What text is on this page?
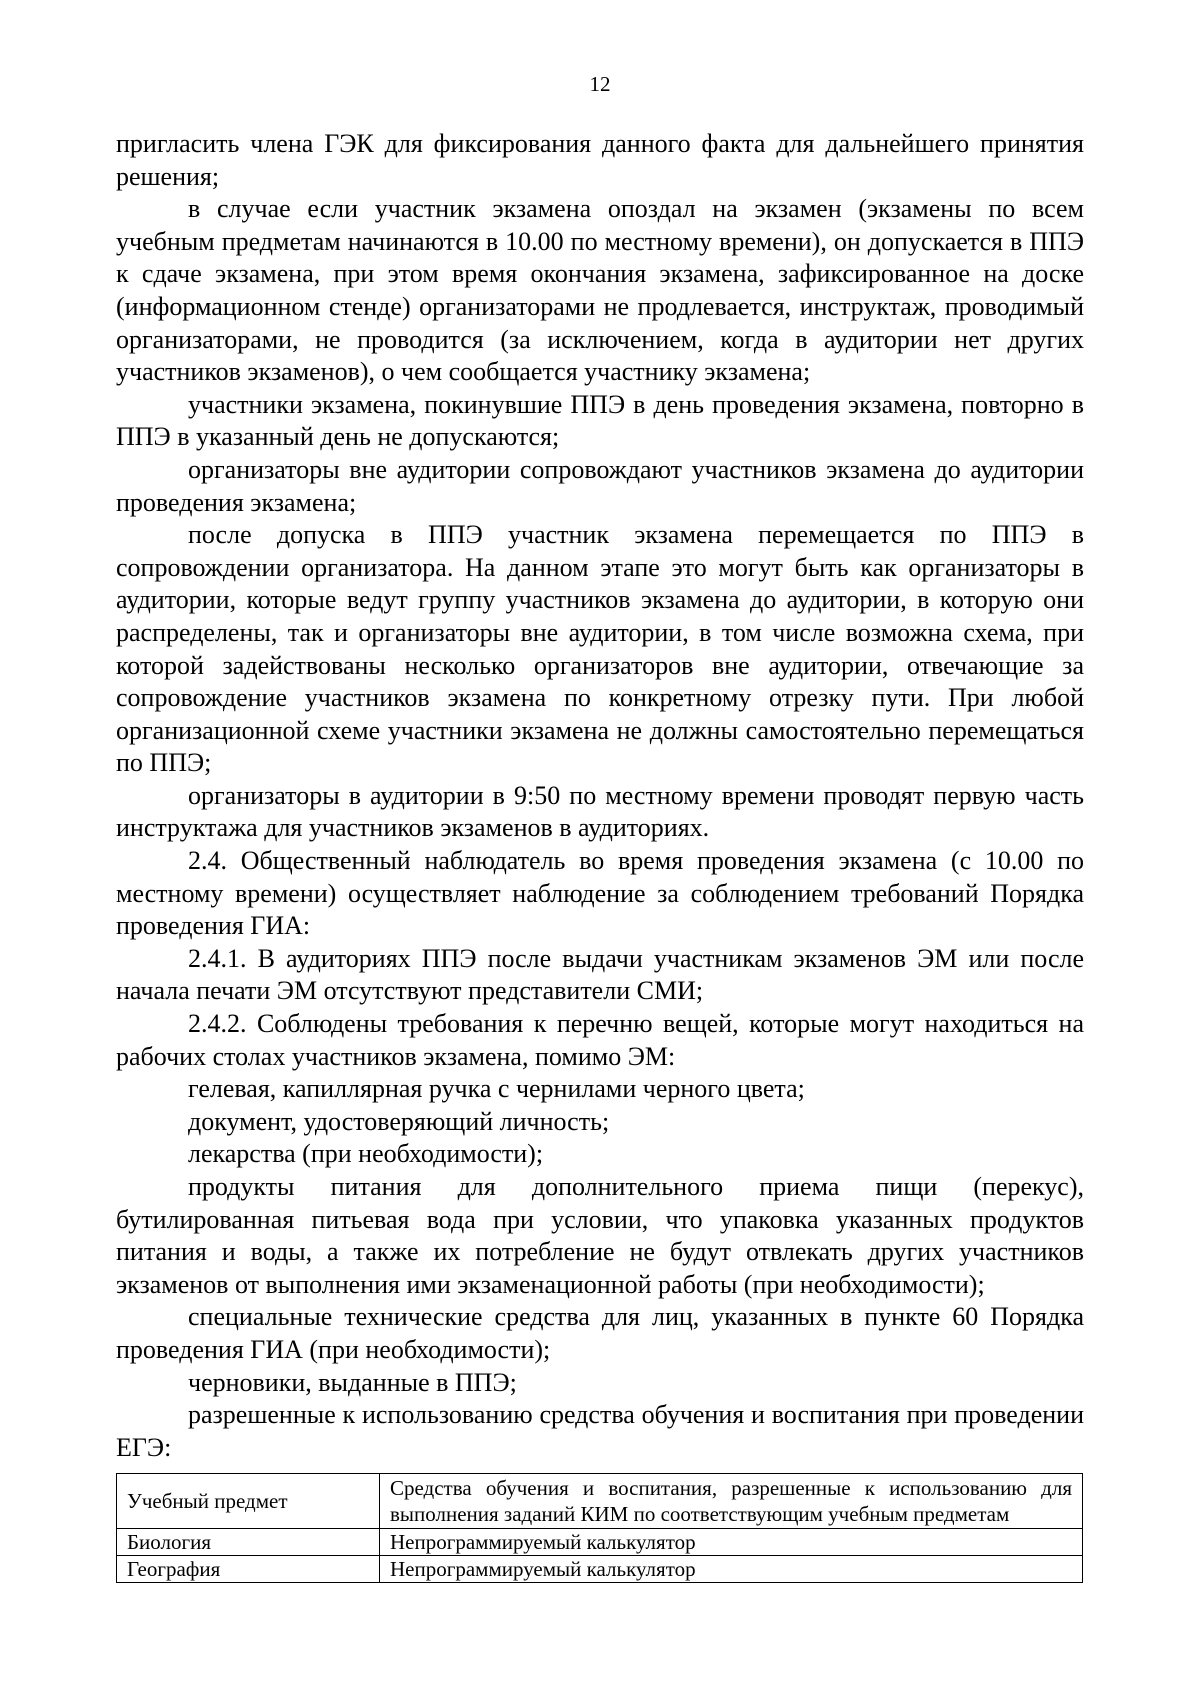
12

пригласить члена ГЭК для фиксирования данного факта для дальнейшего принятия решения;

в случае если участник экзамена опоздал на экзамен (экзамены по всем учебным предметам начинаются в 10.00 по местному времени), он допускается в ППЭ к сдаче экзамена, при этом время окончания экзамена, зафиксированное на доске (информационном стенде) организаторами не продлевается, инструктаж, проводимый организаторами, не проводится (за исключением, когда в аудитории нет других участников экзаменов), о чем сообщается участнику экзамена;

участники экзамена, покинувшие ППЭ в день проведения экзамена, повторно в ППЭ в указанный день не допускаются;

организаторы вне аудитории сопровождают участников экзамена до аудитории проведения экзамена;

после допуска в ППЭ участник экзамена перемещается по ППЭ в сопровождении организатора. На данном этапе это могут быть как организаторы в аудитории, которые ведут группу участников экзамена до аудитории, в которую они распределены, так и организаторы вне аудитории, в том числе возможна схема, при которой задействованы несколько организаторов вне аудитории, отвечающие за сопровождение участников экзамена по конкретному отрезку пути. При любой организационной схеме участники экзамена не должны самостоятельно перемещаться по ППЭ;

организаторы в аудитории в 9:50 по местному времени проводят первую часть инструктажа для участников экзаменов в аудиториях.

2.4. Общественный наблюдатель во время проведения экзамена (с 10.00 по местному времени) осуществляет наблюдение за соблюдением требований Порядка проведения ГИА:

2.4.1. В аудиториях ППЭ после выдачи участникам экзаменов ЭМ или после начала печати ЭМ отсутствуют представители СМИ;

2.4.2. Соблюдены требования к перечню вещей, которые могут находиться на рабочих столах участников экзамена, помимо ЭМ:

гелевая, капиллярная ручка с чернилами черного цвета;

документ, удостоверяющий личность;

лекарства (при необходимости);

продукты питания для дополнительного приема пищи (перекус), бутилированная питьевая вода при условии, что упаковка указанных продуктов питания и воды, а также их потребление не будут отвлекать других участников экзаменов от выполнения ими экзаменационной работы (при необходимости);

специальные технические средства для лиц, указанных в пункте 60 Порядка проведения ГИА (при необходимости);

черновики, выданные в ППЭ;

разрешенные к использованию средства обучения и воспитания при проведении ЕГЭ:

Учебный предмет	Средства обучения и воспитания, разрешенные к использованию для выполнения заданий КИМ по соответствующим учебным предметам
Биология	Непрограммируемый калькулятор
География	Непрограммируемый калькулятор
